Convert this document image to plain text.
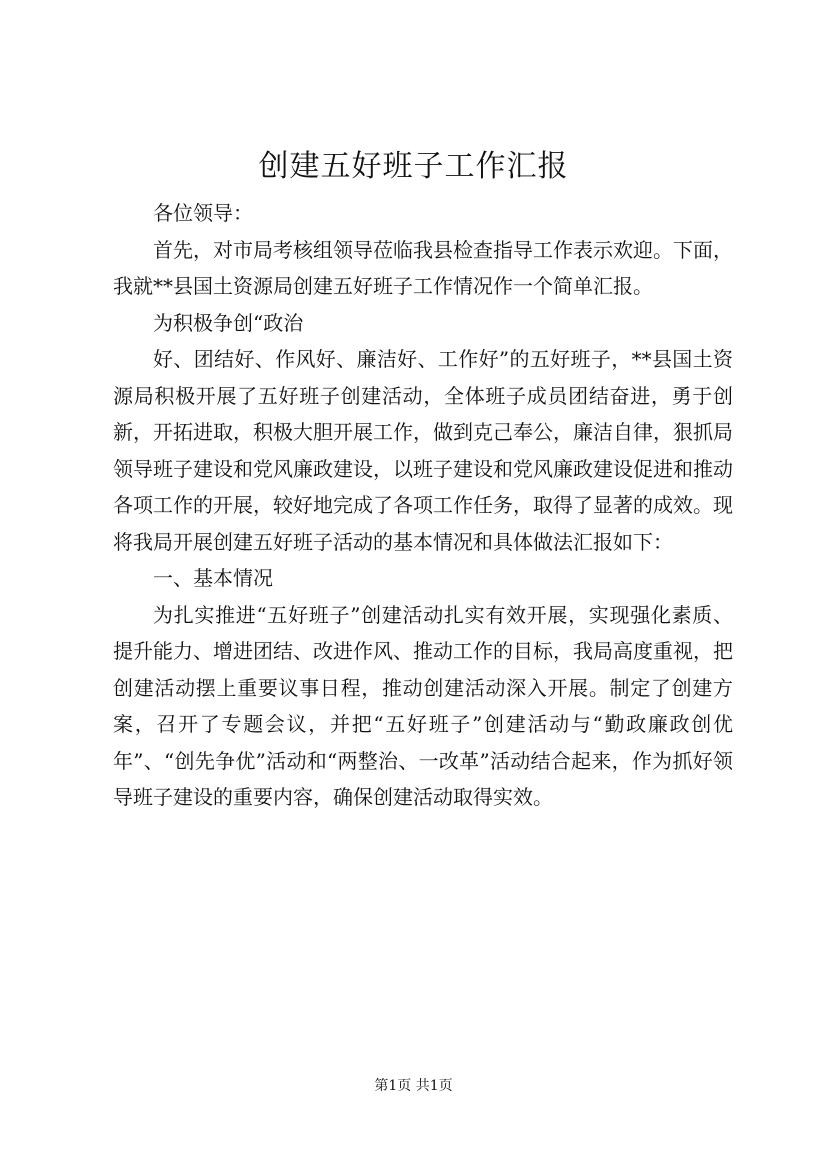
创建五好班子工作汇报

各位领导：

首先，对市局考核组领导莅临我县检查指导工作表示欢迎。下面，我就**县国土资源局创建五好班子工作情况作一个简单汇报。

为积极争创“政治

好、团结好、作风好、廉洁好、工作好”的五好班子，**县国土资源局积极开展了五好班子创建活动，全体班子成员团结奋进，勇于创新，开拓进取，积极大胆开展工作，做到克己奉公，廉洁自律，狠抓局领导班子建设和党风廉政建设，以班子建设和党风廉政建设促进和推动各项工作的开展，较好地完成了各项工作任务，取得了显著的成效。现将我局开展创建五好班子活动的基本情况和具体做法汇报如下：

一、基本情况

为扎实推进“五好班子”创建活动扎实有效开展，实现强化素质、提升能力、增进团结、改进作风、推动工作的目标，我局高度重视，把创建活动摆上重要议事日程，推动创建活动深入开展。制定了创建方案，召开了专题会议，并把“五好班子”创建活动与“勤政廉政创优年”、“创先争优”活动和“两整治、一改革”活动结合起来，作为抓好领导班子建设的重要内容，确保创建活动取得实效。

第1页 共1页
